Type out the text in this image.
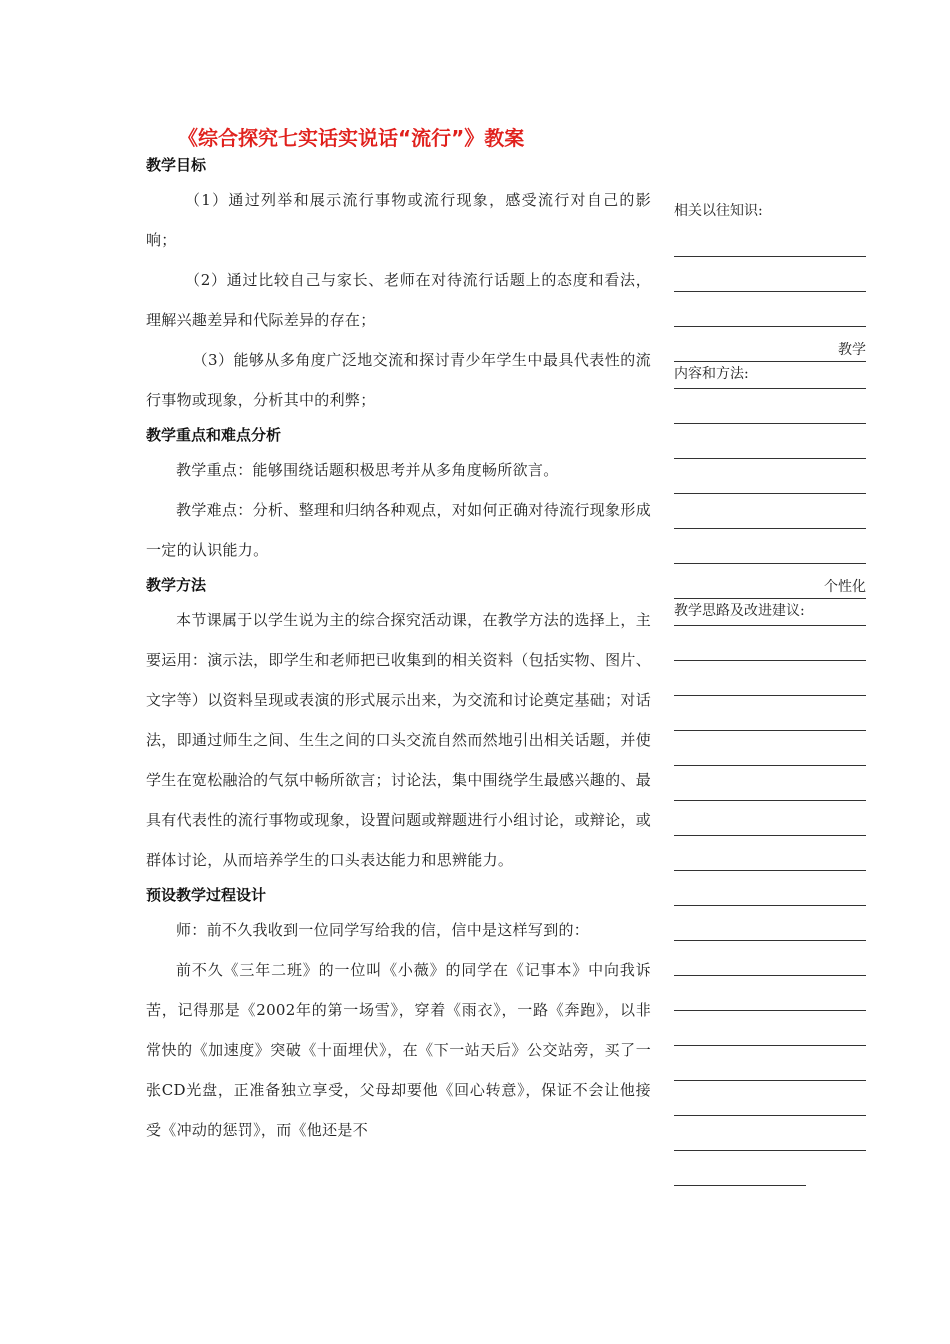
《综合探究七实话实说话“流行”》教案
教学目标

（1）通过列举和展示流行事物或流行现象，感受流行对自己的影响；

（2）通过比较自己与家长、老师在对待流行话题上的态度和看法，理解兴趣差异和代际差异的存在；

（3）能够从多角度广泛地交流和探讨青少年学生中最具代表性的流行事物或现象，分析其中的利弊；

教学重点和难点分析

教学重点：能够围绕话题积极思考并从多角度畅所欲言。

教学难点：分析、整理和归纳各种观点，对如何正确对待流行现象形成一定的认识能力。

教学方法

本节课属于以学生说为主的综合探究活动课，在教学方法的选择上，主要运用：演示法，即学生和老师把已收集到的相关资料（包括实物、图片、文字等）以资料呈现或表演的形式展示出来，为交流和讨论奠定基础；对话法，即通过师生之间、生生之间的口头交流自然而然地引出相关话题，并使学生在宽松融洽的气氛中畅所欲言；讨论法，集中围绕学生最感兴趣的、最具有代表性的流行事物或现象，设置问题或辩题进行小组讨论，或辩论，或群体讨论，从而培养学生的口头表达能力和思辨能力。

预设教学过程设计

师：前不久我收到一位同学写给我的信，信中是这样写到的：

前不久《三年二班》的一位叫《小薇》的同学在《记事本》中向我诉苦，记得那是《2002年的第一场雪》，穿着《雨衣》，一路《奔跑》，以非常快的《加速度》突破《十面埋伏》，在《下一站天后》公交站旁，买了一张CD光盘，正准备独立享受，父母却要他《回心转意》，保证不会让他接受《冲动的惩罚》，而《他还是不

相关以往知识:
教学
内容和方法:
个性化
教学思路及改进建议:
